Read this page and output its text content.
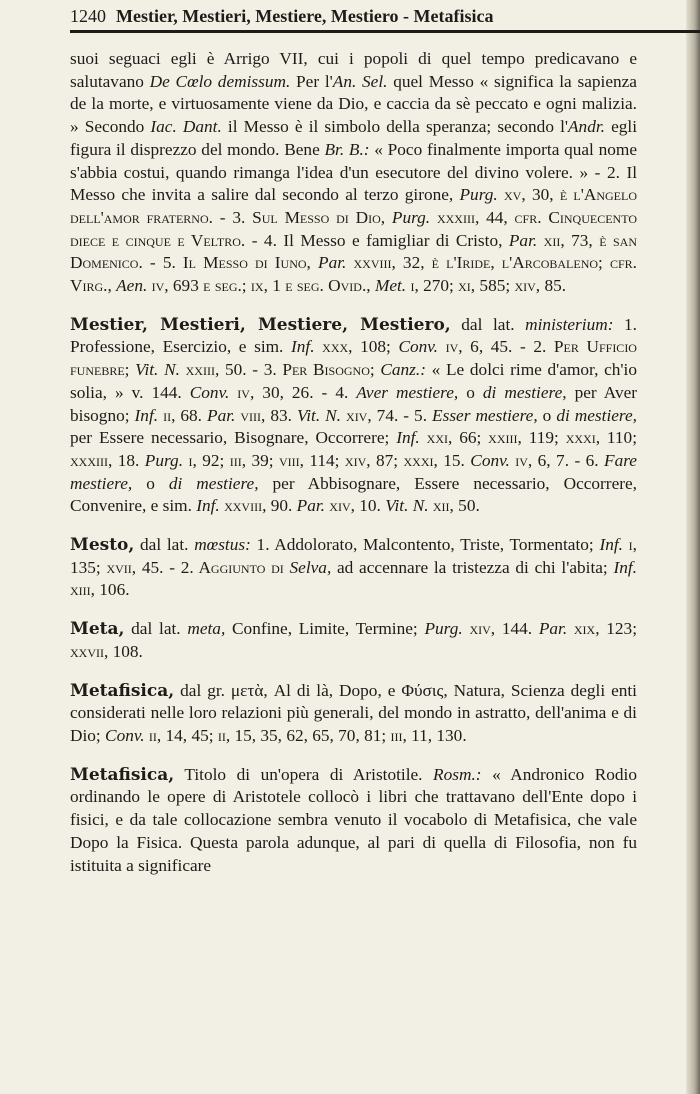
1240 Mestier, Mestieri, Mestiere, Mestiero - Metafisica

suoi seguaci egli è Arrigo VII, cui i popoli di quel tempo predicavano e salutavano De Cœlo demissum. Per l'An. Sel. quel Messo « significa la sapienza de la morte, e virtuosamente viene da Dio, e caccia da sè peccato e ogni malizia. » Secondo Iac. Dant. il Messo è il simbolo della speranza; secondo l'Andr. egli figura il disprezzo del mondo. Bene Br. B.: « Poco finalmente importa qual nome s'abbia costui, quando rimanga l'idea d'un esecutore del divino volere. » - 2. Il Messo che invita a salire dal secondo al terzo girone, Purg. xv, 30, è l'Angelo dell'amor fraterno. - 3. Sul Messo di Dio, Purg. xxxiii, 44, cfr. Cinquecento diece e cinque e Veltro. - 4. Il Messo e famigliar di Cristo, Par. xii, 73, è san Domenico. - 5. Il Messo di Iuno, Par. xxviii, 32, è l'Iride, l'Arcobaleno; cfr. Virg., Aen. iv, 693 e seg.; ix, 1 e seg. Ovid., Met. i, 270; xi, 585; xiv, 85.

Mestier, Mestieri, Mestiere, Mestiero, dal lat. ministerium: 1. Professione, Esercizio, e sim. Inf. xxx, 108; Conv. iv, 6, 45. - 2. Per Ufficio funebre; Vit. N. xxiii, 50. - 3. Per Bisogno; Canz.: « Le dolci rime d'amor, ch'io solia, » v. 144. Conv. iv, 30, 26. - 4. Aver mestiere, o di mestiere, per Aver bisogno; Inf. ii, 68. Par. viii, 83. Vit. N. xiv, 74. - 5. Esser mestiere, o di mestiere, per Essere necessario, Bisognare, Occorrere; Inf. xxi, 66; xxiii, 119; xxxi, 110; xxxiii, 18. Purg. i, 92; iii, 39; viii, 114; xiv, 87; xxxi, 15. Conv. iv, 6, 7. - 6. Fare mestiere, o di mestiere, per Abbisognare, Essere necessario, Occorrere, Convenire, e sim. Inf. xxviii, 90. Par. xiv, 10. Vit. N. xii, 50.

Mesto, dal lat. mœstus: 1. Addolorato, Malcontento, Triste, Tormentato; Inf. i, 135; xvii, 45. - 2. Aggiunto di Selva, ad accennare la tristezza di chi l'abita; Inf. xiii, 106.

Meta, dal lat. meta, Confine, Limite, Termine; Purg. xiv, 144. Par. xix, 123; xxvii, 108.

Metafisica, dal gr. μετὰ, Al di là, Dopo, e Φύσις, Natura, Scienza degli enti considerati nelle loro relazioni più generali, del mondo in astratto, dell'anima e di Dio; Conv. ii, 14, 45; ii, 15, 35, 62, 65, 70, 81; iii, 11, 130.

Metafisica, Titolo di un'opera di Aristotile. Rosm.: « Andronico Rodio ordinando le opere di Aristotele collocò i libri che trattavano dell'Ente dopo i fisici, e da tale collocazione sembra venuto il vocabolo di Metafisica, che vale Dopo la Fisica. Questa parola adunque, al pari di quella di Filosofia, non fu istituita a significare
